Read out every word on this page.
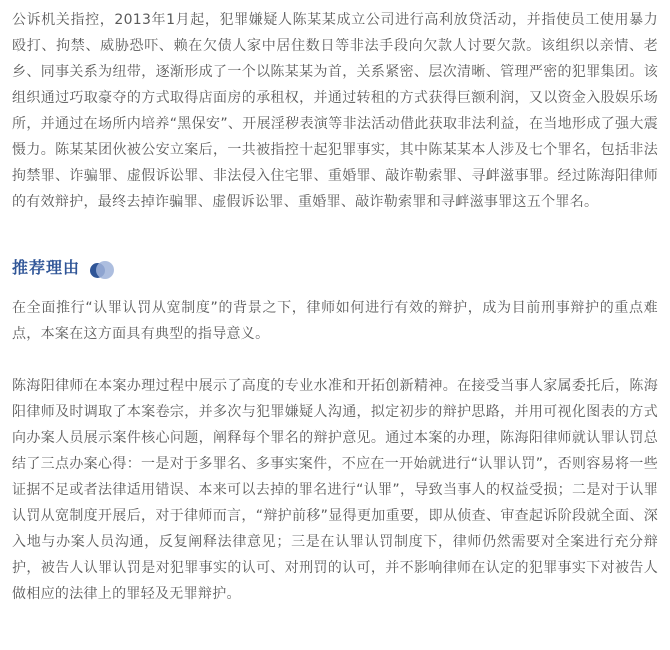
公诉机关指控，2013年1月起，犯罪嫌疑人陈某某成立公司进行高利放贷活动，并指使员工使用暴力殴打、拘禁、威胁恐吓、赖在欠债人家中居住数日等非法手段向欠款人讨要欠款。该组织以亲情、老乡、同事关系为纽带，逐渐形成了一个以陈某某为首，关系紧密、层次清晰、管理严密的犯罪集团。该组织通过巧取豪夺的方式取得店面房的承租权，并通过转租的方式获得巨额利润，又以资金入股娱乐场所，并通过在场所内培养“黑保安”、开展淫秽表演等非法活动借此获取非法利益，在当地形成了强大震慑力。陈某某团伙被公安立案后，一共被指控十起犯罪事实，其中陈某某本人涉及七个罪名，包括非法拘禁罪、诈骗罪、虚假诉讼罪、非法侵入住宅罪、重婚罪、敲诈勒索罪、寻衅滋事罪。经过陈海阳律师的有效辩护，最终去掉诈骗罪、虚假诉讼罪、重婚罪、敲诈勒索罪和寻衅滋事罪这五个罪名。

推荐理由

在全面推行“认罪认罚从宽制度”的背景之下，律师如何进行有效的辩护，成为目前刑事辩护的重点难点，本案在这方面具有典型的指导意义。

陈海阳律师在本案办理过程中展示了高度的专业水准和开拓创新精神。在接受当事人家属委托后，陈海阳律师及时调取了本案卷宗，并多次与犯罪嫌疑人沟通，拟定初步的辩护思路，并用可视化图表的方式向办案人员展示案件核心问题，阐释每个罪名的辩护意见。通过本案的办理，陈海阳律师就认罪认罚总结了三点办案心得：一是对于多罪名、多事实案件，不应在一开始就进行“认罪认罚”，否则容易将一些证据不足或者法律适用错误、本来可以去掉的罪名进行“认罪”，导致当事人的权益受损；二是对于认罪认罚从宽制度开展后，对于律师而言，“辩护前移”显得更加重要，即从侦查、审查起诉阶段就全面、深入地与办案人员沟通，反复阐释法律意见；三是在认罪认罚制度下，律师仍然需要对全案进行充分辩护，被告人认罪认罚是对犯罪事实的认可、对刑罚的认可，并不影响律师在认定的犯罪事实下对被告人做相应的法律上的罪轻及无罪辩护。
